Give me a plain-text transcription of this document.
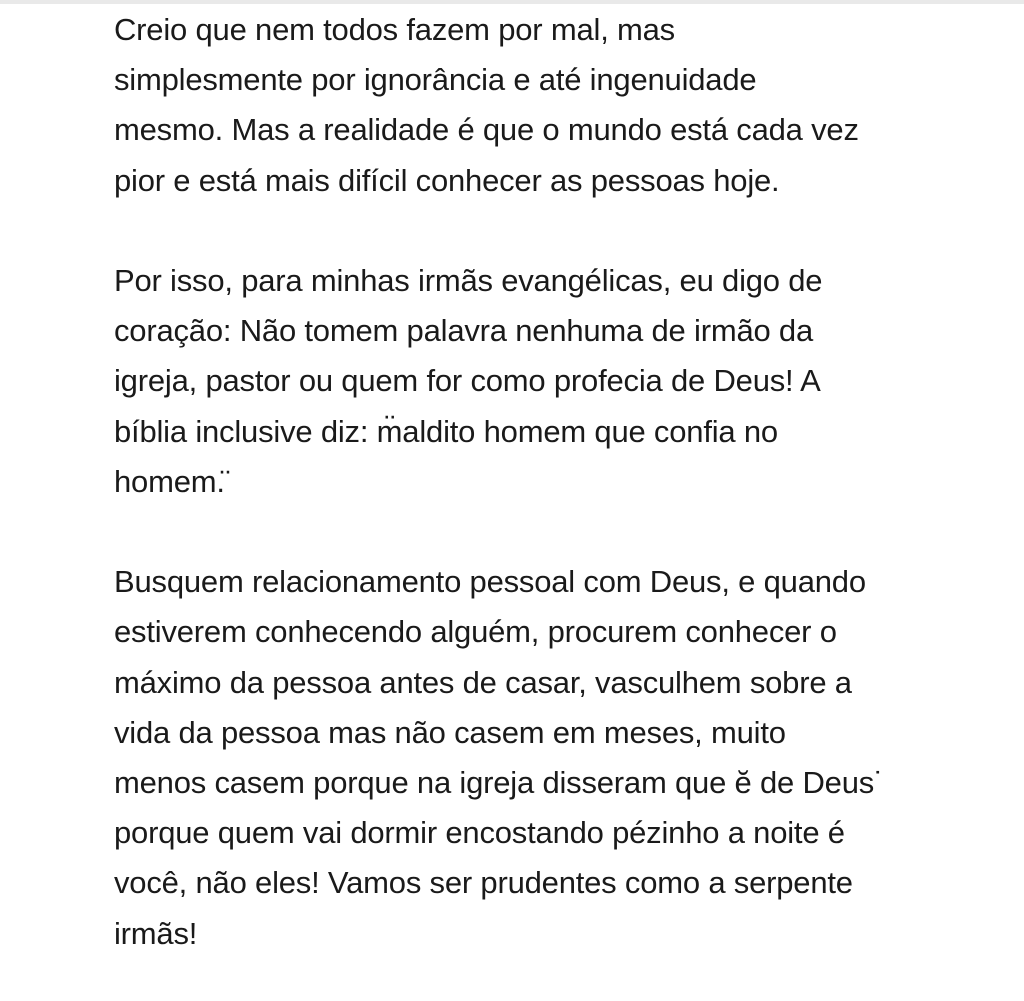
Creio que nem todos fazem por mal, mas
simplesmente por ignorância e até ingenuidade
mesmo. Mas a realidade é que o mundo está cada vez
pior e está mais difícil conhecer as pessoas hoje.

Por isso, para minhas irmãs evangélicas, eu digo de
coração: Não tomem palavra nenhuma de irmão da
igreja, pastor ou quem for como profecia de Deus! A
bíblia inclusive diz: m̈aldito homem que confia no
homem.̈

Busquem relacionamento pessoal com Deus, e quando
estiverem conhecendo alguém, procurem conhecer o
máximo da pessoa antes de casar, vasculhem sobre a
vida da pessoa mas não casem em meses, muito
menos casem porque na igreja disseram que ĕ de Deus˙
porque quem vai dormir encostando pézinho a noite é
você, não eles! Vamos ser prudentes como a serpente
irmãs!
